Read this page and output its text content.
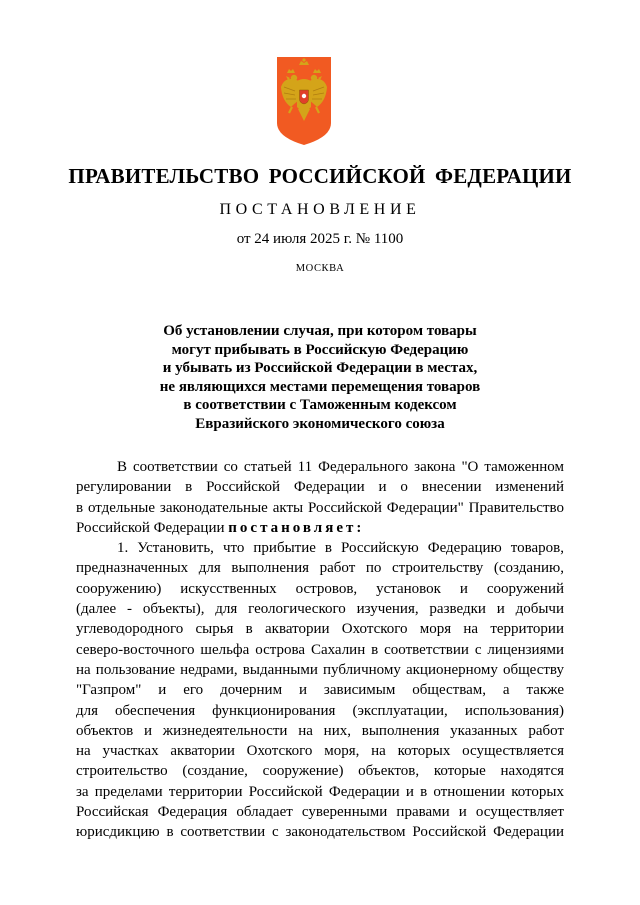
ПРАВИТЕЛЬСТВО РОССИЙСКОЙ ФЕДЕРАЦИИ
ПОСТАНОВЛЕНИЕ
от 24 июля 2025 г. № 1100
МОСКВА
Об установлении случая, при котором товары
могут прибывать в Российскую Федерацию
и убывать из Российской Федерации в местах,
не являющихся местами перемещения товаров
в соответствии с Таможенным кодексом
Евразийского экономического союза
В соответствии со статьей 11 Федерального закона "О таможенном
регулировании в Российской Федерации и о внесении изменений
в отдельные законодательные акты Российской Федерации" Правительство
Российской Федерации постановляет:
1. Установить, что прибытие в Российскую Федерацию товаров,
предназначенных для выполнения работ по строительству (созданию,
сооружению) искусственных островов, установок и сооружений
(далее - объекты), для геологического изучения, разведки и добычи
углеводородного сырья в акватории Охотского моря на территории
северо-восточного шельфа острова Сахалин в соответствии с лицензиями
на пользование недрами, выданными публичному акционерному обществу
"Газпром" и его дочерним и зависимым обществам, а также
для обеспечения функционирования (эксплуатации, использования)
объектов и жизнедеятельности на них, выполнения указанных работ
на участках акватории Охотского моря, на которых осуществляется
строительство (создание, сооружение) объектов, которые находятся
за пределами территории Российской Федерации и в отношении которых
Российская Федерация обладает суверенными правами и осуществляет
юрисдикцию в соответствии с законодательством Российской Федерации
